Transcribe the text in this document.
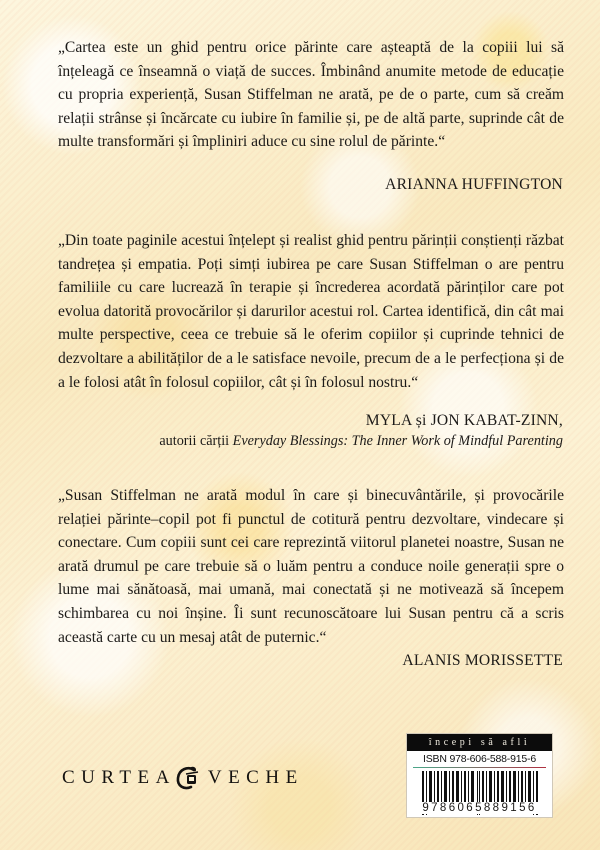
„Cartea este un ghid pentru orice părinte care așteaptă de la copiii lui să înțeleagă ce înseamnă o viață de succes. Îmbinând anumite metode de educație cu propria experiență, Susan Stiffelman ne arată, pe de o parte, cum să creăm relații strânse și încărcate cu iubire în familie și, pe de altă parte, suprinde cât de multe transformări și împliniri aduce cu sine rolul de părinte.“

ARIANNA HUFFINGTON

„Din toate paginile acestui înțelept și realist ghid pentru părinții conștienți răzbat tandrețea și empatia. Poți simți iubirea pe care Susan Stiffelman o are pentru familiile cu care lucrează în terapie și încrederea acordată părinților care pot evolua datorită provocărilor și darurilor acestui rol. Cartea identifică, din cât mai multe perspective, ceea ce trebuie să le oferim copiilor și cuprinde tehnici de dezvoltare a abilităților de a le satisface nevoile, precum de a le perfecționa și de a le folosi atât în folosul copiilor, cât și în folosul nostru.“

MYLA și JON KABAT-ZINN,

autorii cărții Everyday Blessings: The Inner Work of Mindful Parenting

„Susan Stiffelman ne arată modul în care și binecuvântările, și provocările relației părinte–copil pot fi punctul de cotitură pentru dezvoltare, vindecare și conectare. Cum copiii sunt cei care reprezintă viitorul planetei noastre, Susan ne arată drumul pe care trebuie să o luăm pentru a conduce noile generații spre o lume mai sănătoasă, mai umană, mai conectată și ne motivează să începem schimbarea cu noi înșine. Îi sunt recunoscătoare lui Susan pentru că a scris această carte cu un mesaj atât de puternic.“

ALANIS MORISSETTE

CURTEA VECHE
începi să afli
ISBN 978-606-588-915-6
9786065889156
